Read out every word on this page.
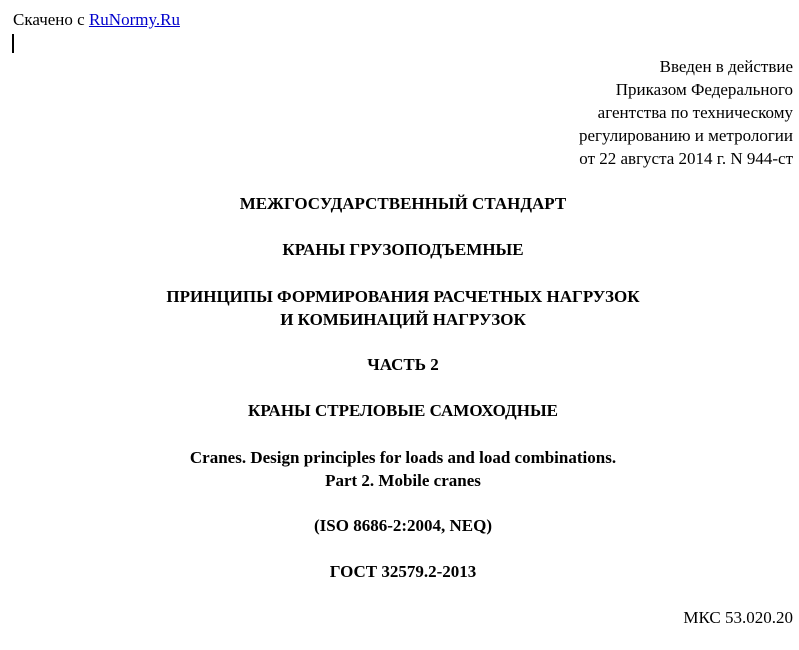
Скачено с RuNormy.Ru
Введен в действие
Приказом Федерального
агентства по техническому
регулированию и метрологии
от 22 августа 2014 г. N 944-ст
МЕЖГОСУДАРСТВЕННЫЙ СТАНДАРТ
КРАНЫ ГРУЗОПОДЪЕМНЫЕ
ПРИНЦИПЫ ФОРМИРОВАНИЯ РАСЧЕТНЫХ НАГРУЗОК
И КОМБИНАЦИЙ НАГРУЗОК
ЧАСТЬ 2
КРАНЫ СТРЕЛОВЫЕ САМОХОДНЫЕ
Cranes. Design principles for loads and load combinations.
Part 2. Mobile cranes
(ISO 8686-2:2004, NEQ)
ГОСТ 32579.2-2013
МКС 53.020.20
